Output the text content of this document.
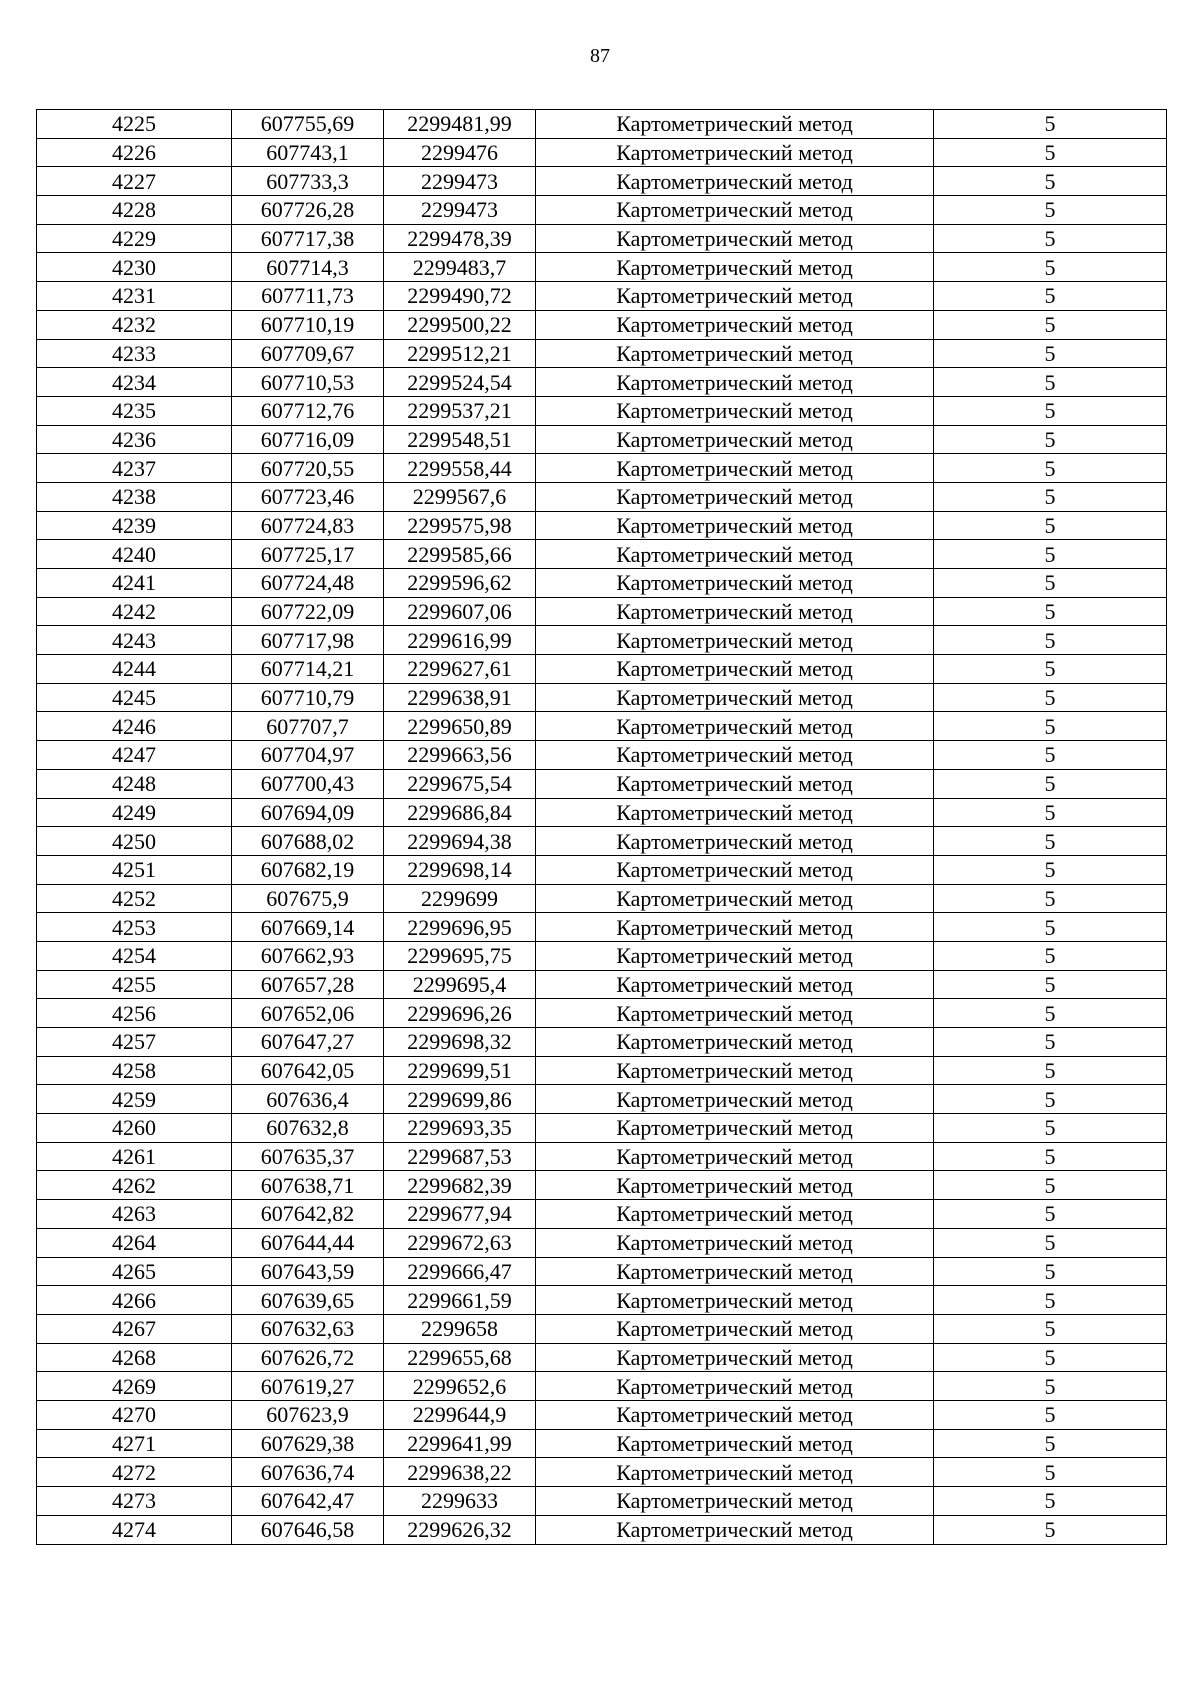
87
4225	607755,69	2299481,99	Картометрический метод	5
4226	607743,1	2299476	Картометрический метод	5
4227	607733,3	2299473	Картометрический метод	5
4228	607726,28	2299473	Картометрический метод	5
4229	607717,38	2299478,39	Картометрический метод	5
4230	607714,3	2299483,7	Картометрический метод	5
4231	607711,73	2299490,72	Картометрический метод	5
4232	607710,19	2299500,22	Картометрический метод	5
4233	607709,67	2299512,21	Картометрический метод	5
4234	607710,53	2299524,54	Картометрический метод	5
4235	607712,76	2299537,21	Картометрический метод	5
4236	607716,09	2299548,51	Картометрический метод	5
4237	607720,55	2299558,44	Картометрический метод	5
4238	607723,46	2299567,6	Картометрический метод	5
4239	607724,83	2299575,98	Картометрический метод	5
4240	607725,17	2299585,66	Картометрический метод	5
4241	607724,48	2299596,62	Картометрический метод	5
4242	607722,09	2299607,06	Картометрический метод	5
4243	607717,98	2299616,99	Картометрический метод	5
4244	607714,21	2299627,61	Картометрический метод	5
4245	607710,79	2299638,91	Картометрический метод	5
4246	607707,7	2299650,89	Картометрический метод	5
4247	607704,97	2299663,56	Картометрический метод	5
4248	607700,43	2299675,54	Картометрический метод	5
4249	607694,09	2299686,84	Картометрический метод	5
4250	607688,02	2299694,38	Картометрический метод	5
4251	607682,19	2299698,14	Картометрический метод	5
4252	607675,9	2299699	Картометрический метод	5
4253	607669,14	2299696,95	Картометрический метод	5
4254	607662,93	2299695,75	Картометрический метод	5
4255	607657,28	2299695,4	Картометрический метод	5
4256	607652,06	2299696,26	Картометрический метод	5
4257	607647,27	2299698,32	Картометрический метод	5
4258	607642,05	2299699,51	Картометрический метод	5
4259	607636,4	2299699,86	Картометрический метод	5
4260	607632,8	2299693,35	Картометрический метод	5
4261	607635,37	2299687,53	Картометрический метод	5
4262	607638,71	2299682,39	Картометрический метод	5
4263	607642,82	2299677,94	Картометрический метод	5
4264	607644,44	2299672,63	Картометрический метод	5
4265	607643,59	2299666,47	Картометрический метод	5
4266	607639,65	2299661,59	Картометрический метод	5
4267	607632,63	2299658	Картометрический метод	5
4268	607626,72	2299655,68	Картометрический метод	5
4269	607619,27	2299652,6	Картометрический метод	5
4270	607623,9	2299644,9	Картометрический метод	5
4271	607629,38	2299641,99	Картометрический метод	5
4272	607636,74	2299638,22	Картометрический метод	5
4273	607642,47	2299633	Картометрический метод	5
4274	607646,58	2299626,32	Картометрический метод	5
